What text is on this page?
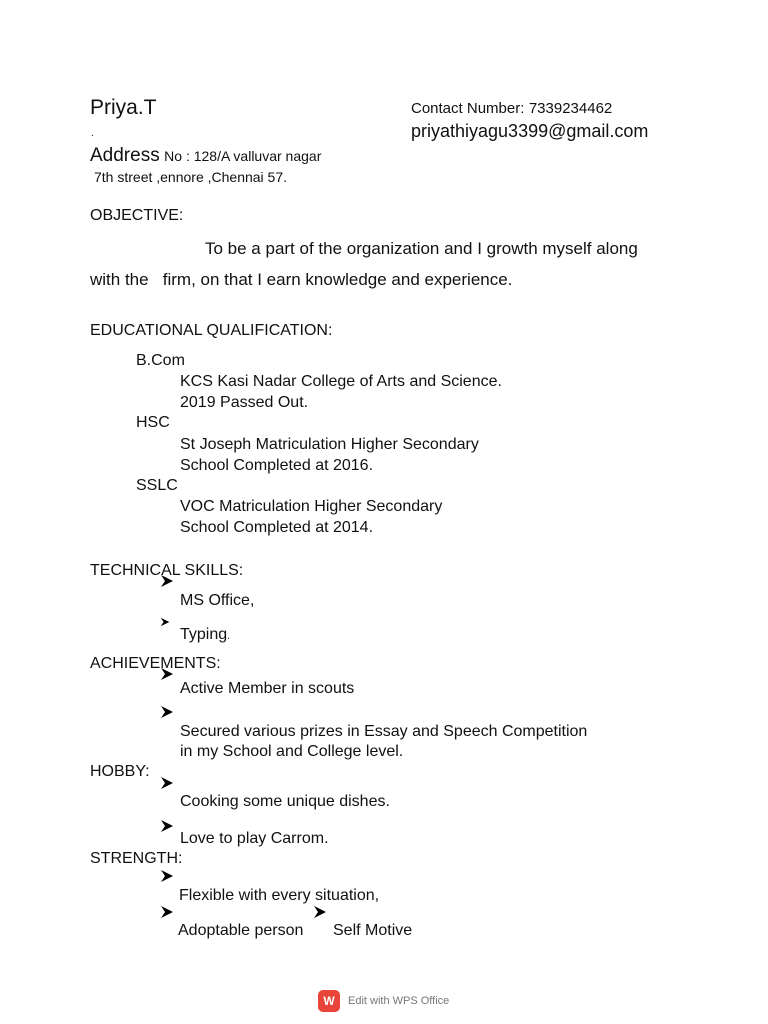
Priya.T
.
Contact Number: 7339234462
priyathiyagu3399@gmail.com
Address No : 128/A valluvar nagar
7th street ,ennore ,Chennai 57.
OBJECTIVE:
To be a part of the organization and I growth myself along
with the   firm, on that I earn knowledge and experience.
EDUCATIONAL QUALIFICATION:
B.Com
KCS Kasi Nadar College of Arts and Science.
2019 Passed Out.
HSC
St Joseph Matriculation Higher Secondary
School Completed at 2016.
SSLC
VOC Matriculation Higher Secondary
School Completed at 2014.
TECHNICAL SKILLS:
MS Office,
Typing.
ACHIEVEMENTS:
Active Member in scouts
Secured various prizes in Essay and Speech Competition
in my School and College level.
HOBBY:
Cooking some unique dishes.
Love to play Carrom.
STRENGTH:
Flexible with every situation,
Adoptable person Self Motive
W Edit with WPS Office
